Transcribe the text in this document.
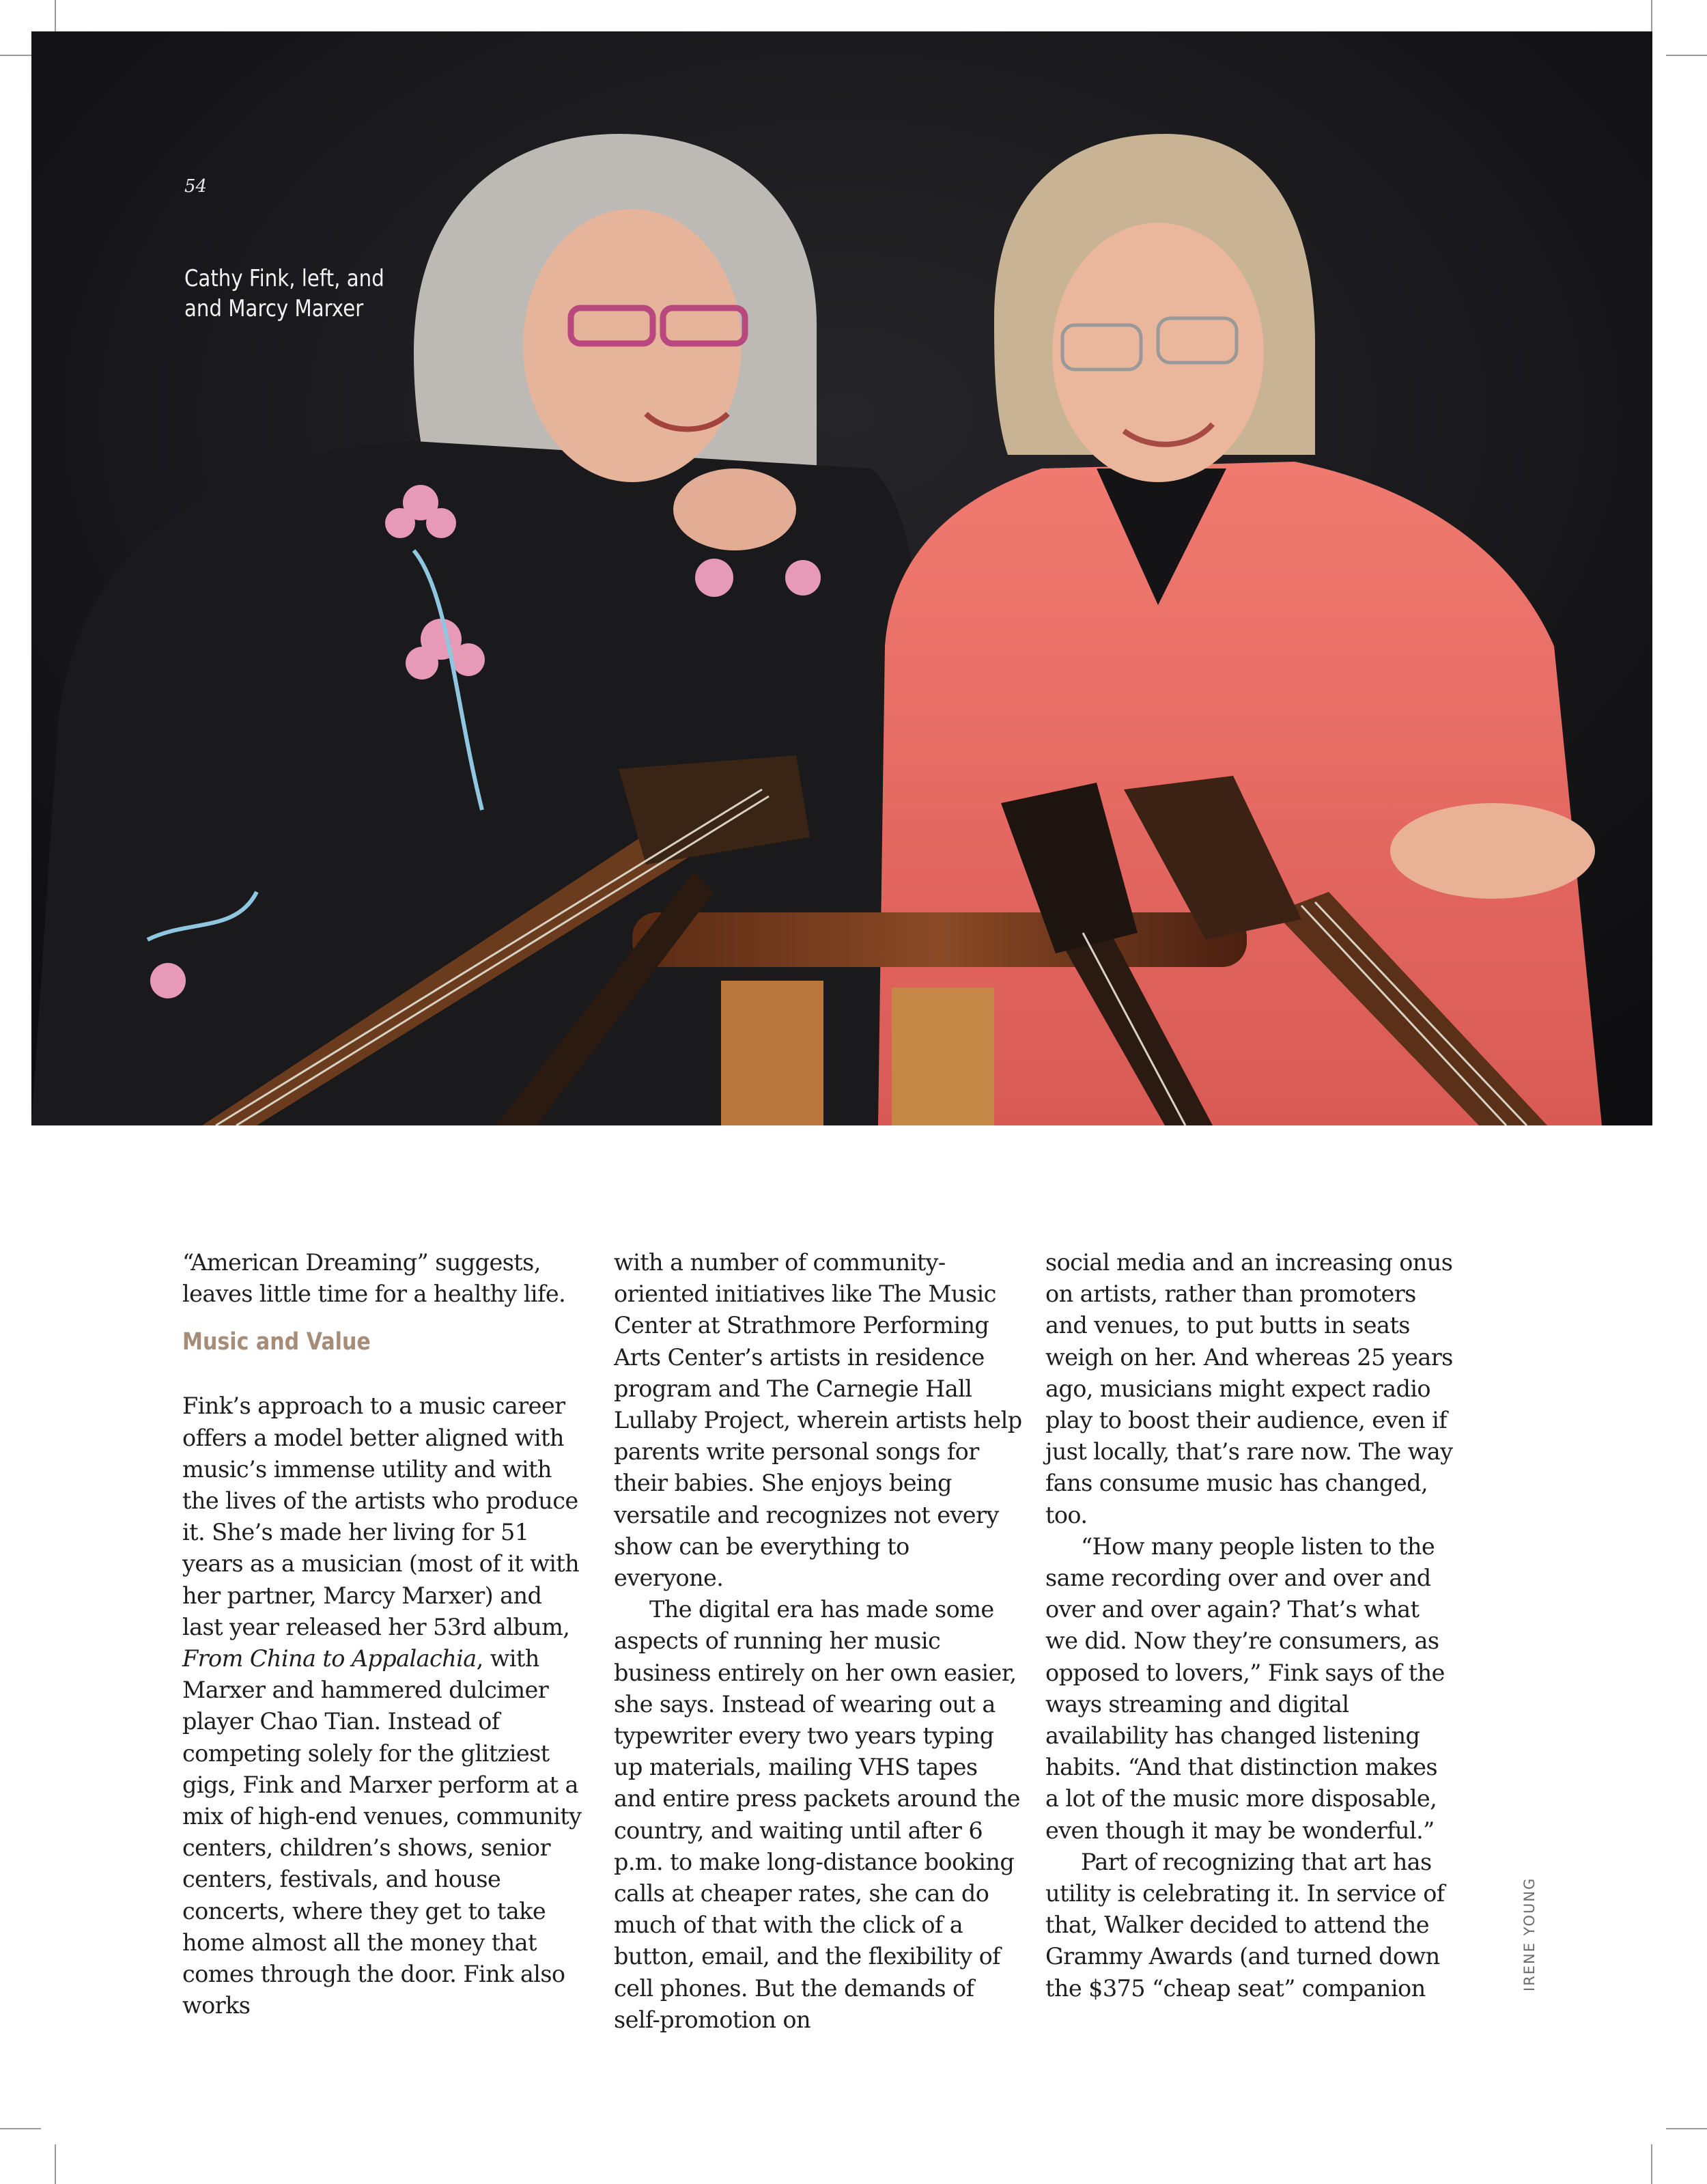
54
Cathy Fink, left, and
and Marcy Marxer

“American Dreaming” suggests, leaves little time for a healthy life.

Music and Value

Fink’s approach to a music career offers a model better aligned with music’s immense utility and with the lives of the artists who produce it. She’s made her living for 51 years as a musician (most of it with her partner, Marcy Marxer) and last year released her 53rd album, From China to Appalachia, with Marxer and hammered dulcimer player Chao Tian. Instead of competing solely for the glitziest gigs, Fink and Marxer perform at a mix of high-end venues, community centers, children’s shows, senior centers, festivals, and house concerts, where they get to take home almost all the money that comes through the door. Fink also works

with a number of community-oriented initiatives like The Music Center at Strathmore Performing Arts Center’s artists in residence program and The Carnegie Hall Lullaby Project, wherein artists help parents write personal songs for their babies. She enjoys being versatile and recognizes not every show can be everything to everyone.

The digital era has made some aspects of running her music business entirely on her own easier, she says. Instead of wearing out a typewriter every two years typing up materials, mailing VHS tapes and entire press packets around the country, and waiting until after 6 p.m. to make long-distance booking calls at cheaper rates, she can do much of that with the click of a button, email, and the flexibility of cell phones. But the demands of self-promotion on

social media and an increasing onus on artists, rather than promoters and venues, to put butts in seats weigh on her. And whereas 25 years ago, musicians might expect radio play to boost their audience, even if just locally, that’s rare now. The way fans consume music has changed, too.

“How many people listen to the same recording over and over and over and over again? That’s what we did. Now they’re consumers, as opposed to lovers,” Fink says of the ways streaming and digital availability has changed listening habits. “And that distinction makes a lot of the music more disposable, even though it may be wonderful.”

Part of recognizing that art has utility is celebrating it. In service of that, Walker decided to attend the Grammy Awards (and turned down the $375 “cheap seat” companion	IRENE YOUNG
